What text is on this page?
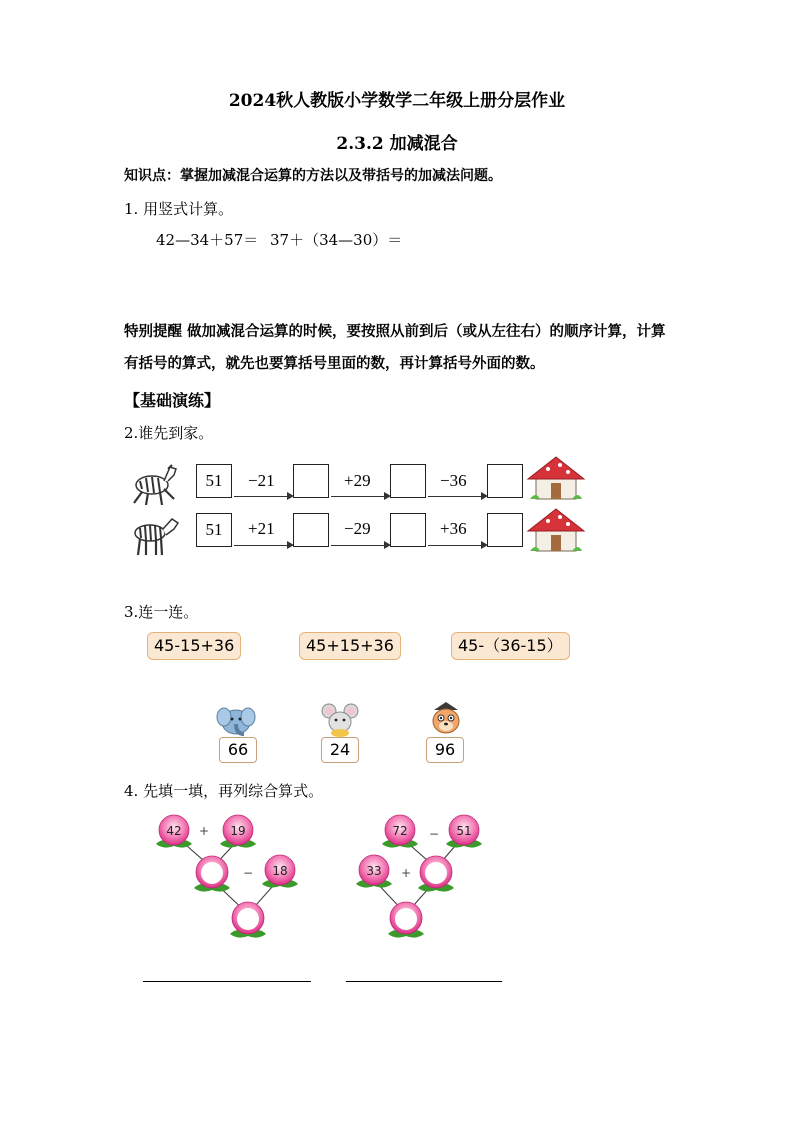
2024秋人教版小学数学二年级上册分层作业
2.3.2 加减混合
知识点：掌握加减混合运算的方法以及带括号的加减法问题。
1. 用竖式计算。
42—34＋57＝ 37＋（34—30）＝
特别提醒 做加减混合运算的时候，要按照从前到后（或从左往右）的顺序计算，计算
有括号的算式，就先也要算括号里面的数，再计算括号外面的数。
【基础演练】
2.谁先到家。
51	−21	+29	−36
51	+21	−29	+36
3.连一连。
45-15+36	45+15+36	45-（36-15）
66	24	96
4. 先填一填，再列综合算式。
42 + 19
− 18
72 − 51
33 +
